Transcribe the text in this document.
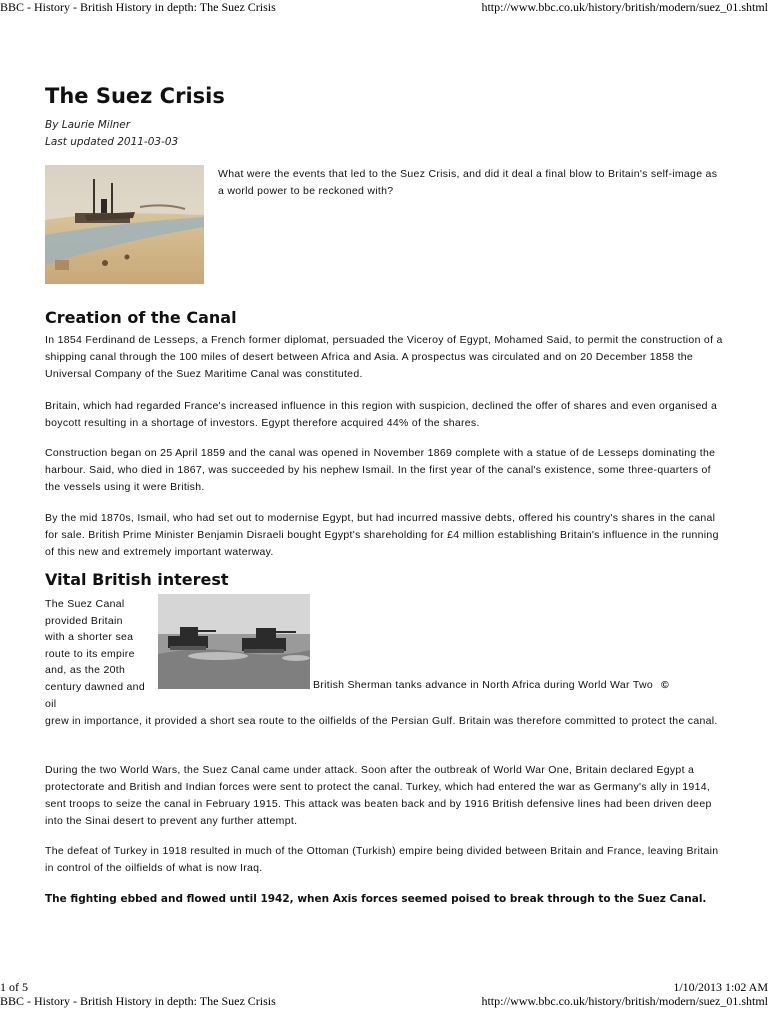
BBC - History - British History in depth: The Suez Crisis	http://www.bbc.co.uk/history/british/modern/suez_01.shtml
The Suez Crisis
By Laurie Milner
Last updated 2011-03-03

What were the events that led to the Suez Crisis, and did it deal a final blow to Britain's self-image as a world power to be reckoned with?

Creation of the Canal

In 1854 Ferdinand de Lesseps, a French former diplomat, persuaded the Viceroy of Egypt, Mohamed Said, to permit the construction of a shipping canal through the 100 miles of desert between Africa and Asia. A prospectus was circulated and on 20 December 1858 the Universal Company of the Suez Maritime Canal was constituted.

Britain, which had regarded France's increased influence in this region with suspicion, declined the offer of shares and even organised a boycott resulting in a shortage of investors. Egypt therefore acquired 44% of the shares.

Construction began on 25 April 1859 and the canal was opened in November 1869 complete with a statue of de Lesseps dominating the harbour. Said, who died in 1867, was succeeded by his nephew Ismail. In the first year of the canal's existence, some three-quarters of the vessels using it were British.

By the mid 1870s, Ismail, who had set out to modernise Egypt, but had incurred massive debts, offered his country's shares in the canal for sale. British Prime Minister Benjamin Disraeli bought Egypt's shareholding for £4 million establishing Britain's influence in the running of this new and extremely important waterway.

Vital British interest

The Suez Canal provided Britain with a shorter sea route to its empire and, as the 20th century dawned and oil

British Sherman tanks advance in North Africa during World War Two ©

grew in importance, it provided a short sea route to the oilfields of the Persian Gulf. Britain was therefore committed to protect the canal.

During the two World Wars, the Suez Canal came under attack. Soon after the outbreak of World War One, Britain declared Egypt a protectorate and British and Indian forces were sent to protect the canal. Turkey, which had entered the war as Germany's ally in 1914, sent troops to seize the canal in February 1915. This attack was beaten back and by 1916 British defensive lines had been driven deep into the Sinai desert to prevent any further attempt.

The defeat of Turkey in 1918 resulted in much of the Ottoman (Turkish) empire being divided between Britain and France, leaving Britain in control of the oilfields of what is now Iraq.

The fighting ebbed and flowed until 1942, when Axis forces seemed poised to break through to the Suez Canal.

1 of 5	1/10/2013 1:02 AM
BBC - History - British History in depth: The Suez Crisis	http://www.bbc.co.uk/history/british/modern/suez_01.shtml
